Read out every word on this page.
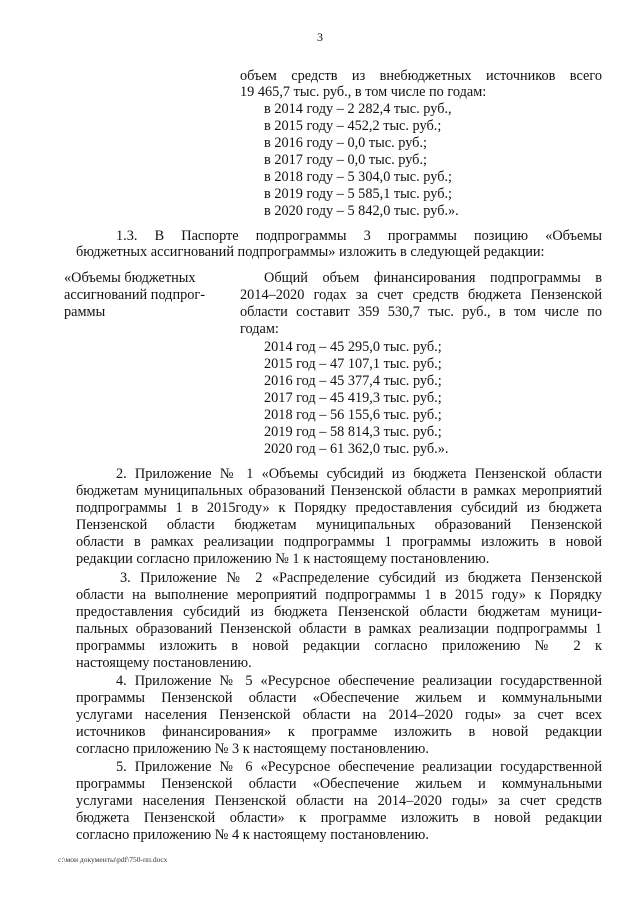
3
объем средств из внебюджетных источников всего
19 465,7 тыс. руб., в том числе по годам:
в 2014 году – 2 282,4 тыс. руб.,
в 2015 году – 452,2 тыс. руб.;
в 2016 году – 0,0 тыс. руб.;
в 2017 году – 0,0 тыс. руб.;
в 2018 году – 5 304,0 тыс. руб.;
в 2019 году – 5 585,1 тыс. руб.;
в 2020 году – 5 842,0 тыс. руб.».
1.3. В Паспорте подпрограммы 3 программы позицию «Объемы
бюджетных ассигнований подпрограммы» изложить в следующей редакции:
«Объемы бюджетных
ассигнований подпрог-
раммы
Общий объем финансирования подпрограммы в
2014–2020 годах за счет средств бюджета Пензенской
области составит 359 530,7 тыс. руб., в том числе по
годам:
2014 год – 45 295,0 тыс. руб.;
2015 год – 47 107,1 тыс. руб.;
2016 год – 45 377,4 тыс. руб.;
2017 год – 45 419,3 тыс. руб.;
2018 год – 56 155,6 тыс. руб.;
2019 год – 58 814,3 тыс. руб.;
2020 год – 61 362,0 тыс. руб.».
2. Приложение № 1 «Объемы субсидий из бюджета Пензенской области
бюджетам муниципальных образований Пензенской области в рамках мероприятий
подпрограммы 1 в 2015году» к Порядку предоставления субсидий из бюджета
Пензенской области бюджетам муниципальных образований Пензенской
области в рамках реализации подпрограммы 1 программы изложить в новой
редакции согласно приложению № 1 к настоящему постановлению.
3. Приложение № 2 «Распределение субсидий из бюджета Пензенской
области на выполнение мероприятий подпрограммы 1 в 2015 году» к Порядку
предоставления субсидий из бюджета Пензенской области бюджетам муници-
пальных образований Пензенской области в рамках реализации подпрограммы 1
программы изложить в новой редакции согласно приложению № 2 к
настоящему постановлению.
4. Приложение № 5 «Ресурсное обеспечение реализации государственной
программы Пензенской области «Обеспечение жильем и коммунальными
услугами населения Пензенской области на 2014–2020 годы» за счет всех
источников финансирования» к программе изложить в новой редакции
согласно приложению № 3 к настоящему постановлению.
5. Приложение № 6 «Ресурсное обеспечение реализации государственной
программы Пензенской области «Обеспечение жильем и коммунальными
услугами населения Пензенской области на 2014–2020 годы» за счет средств
бюджета Пензенской области» к программе изложить в новой редакции
согласно приложению № 4 к настоящему постановлению.
c:\мои документы\pdf\750-пп.docx
